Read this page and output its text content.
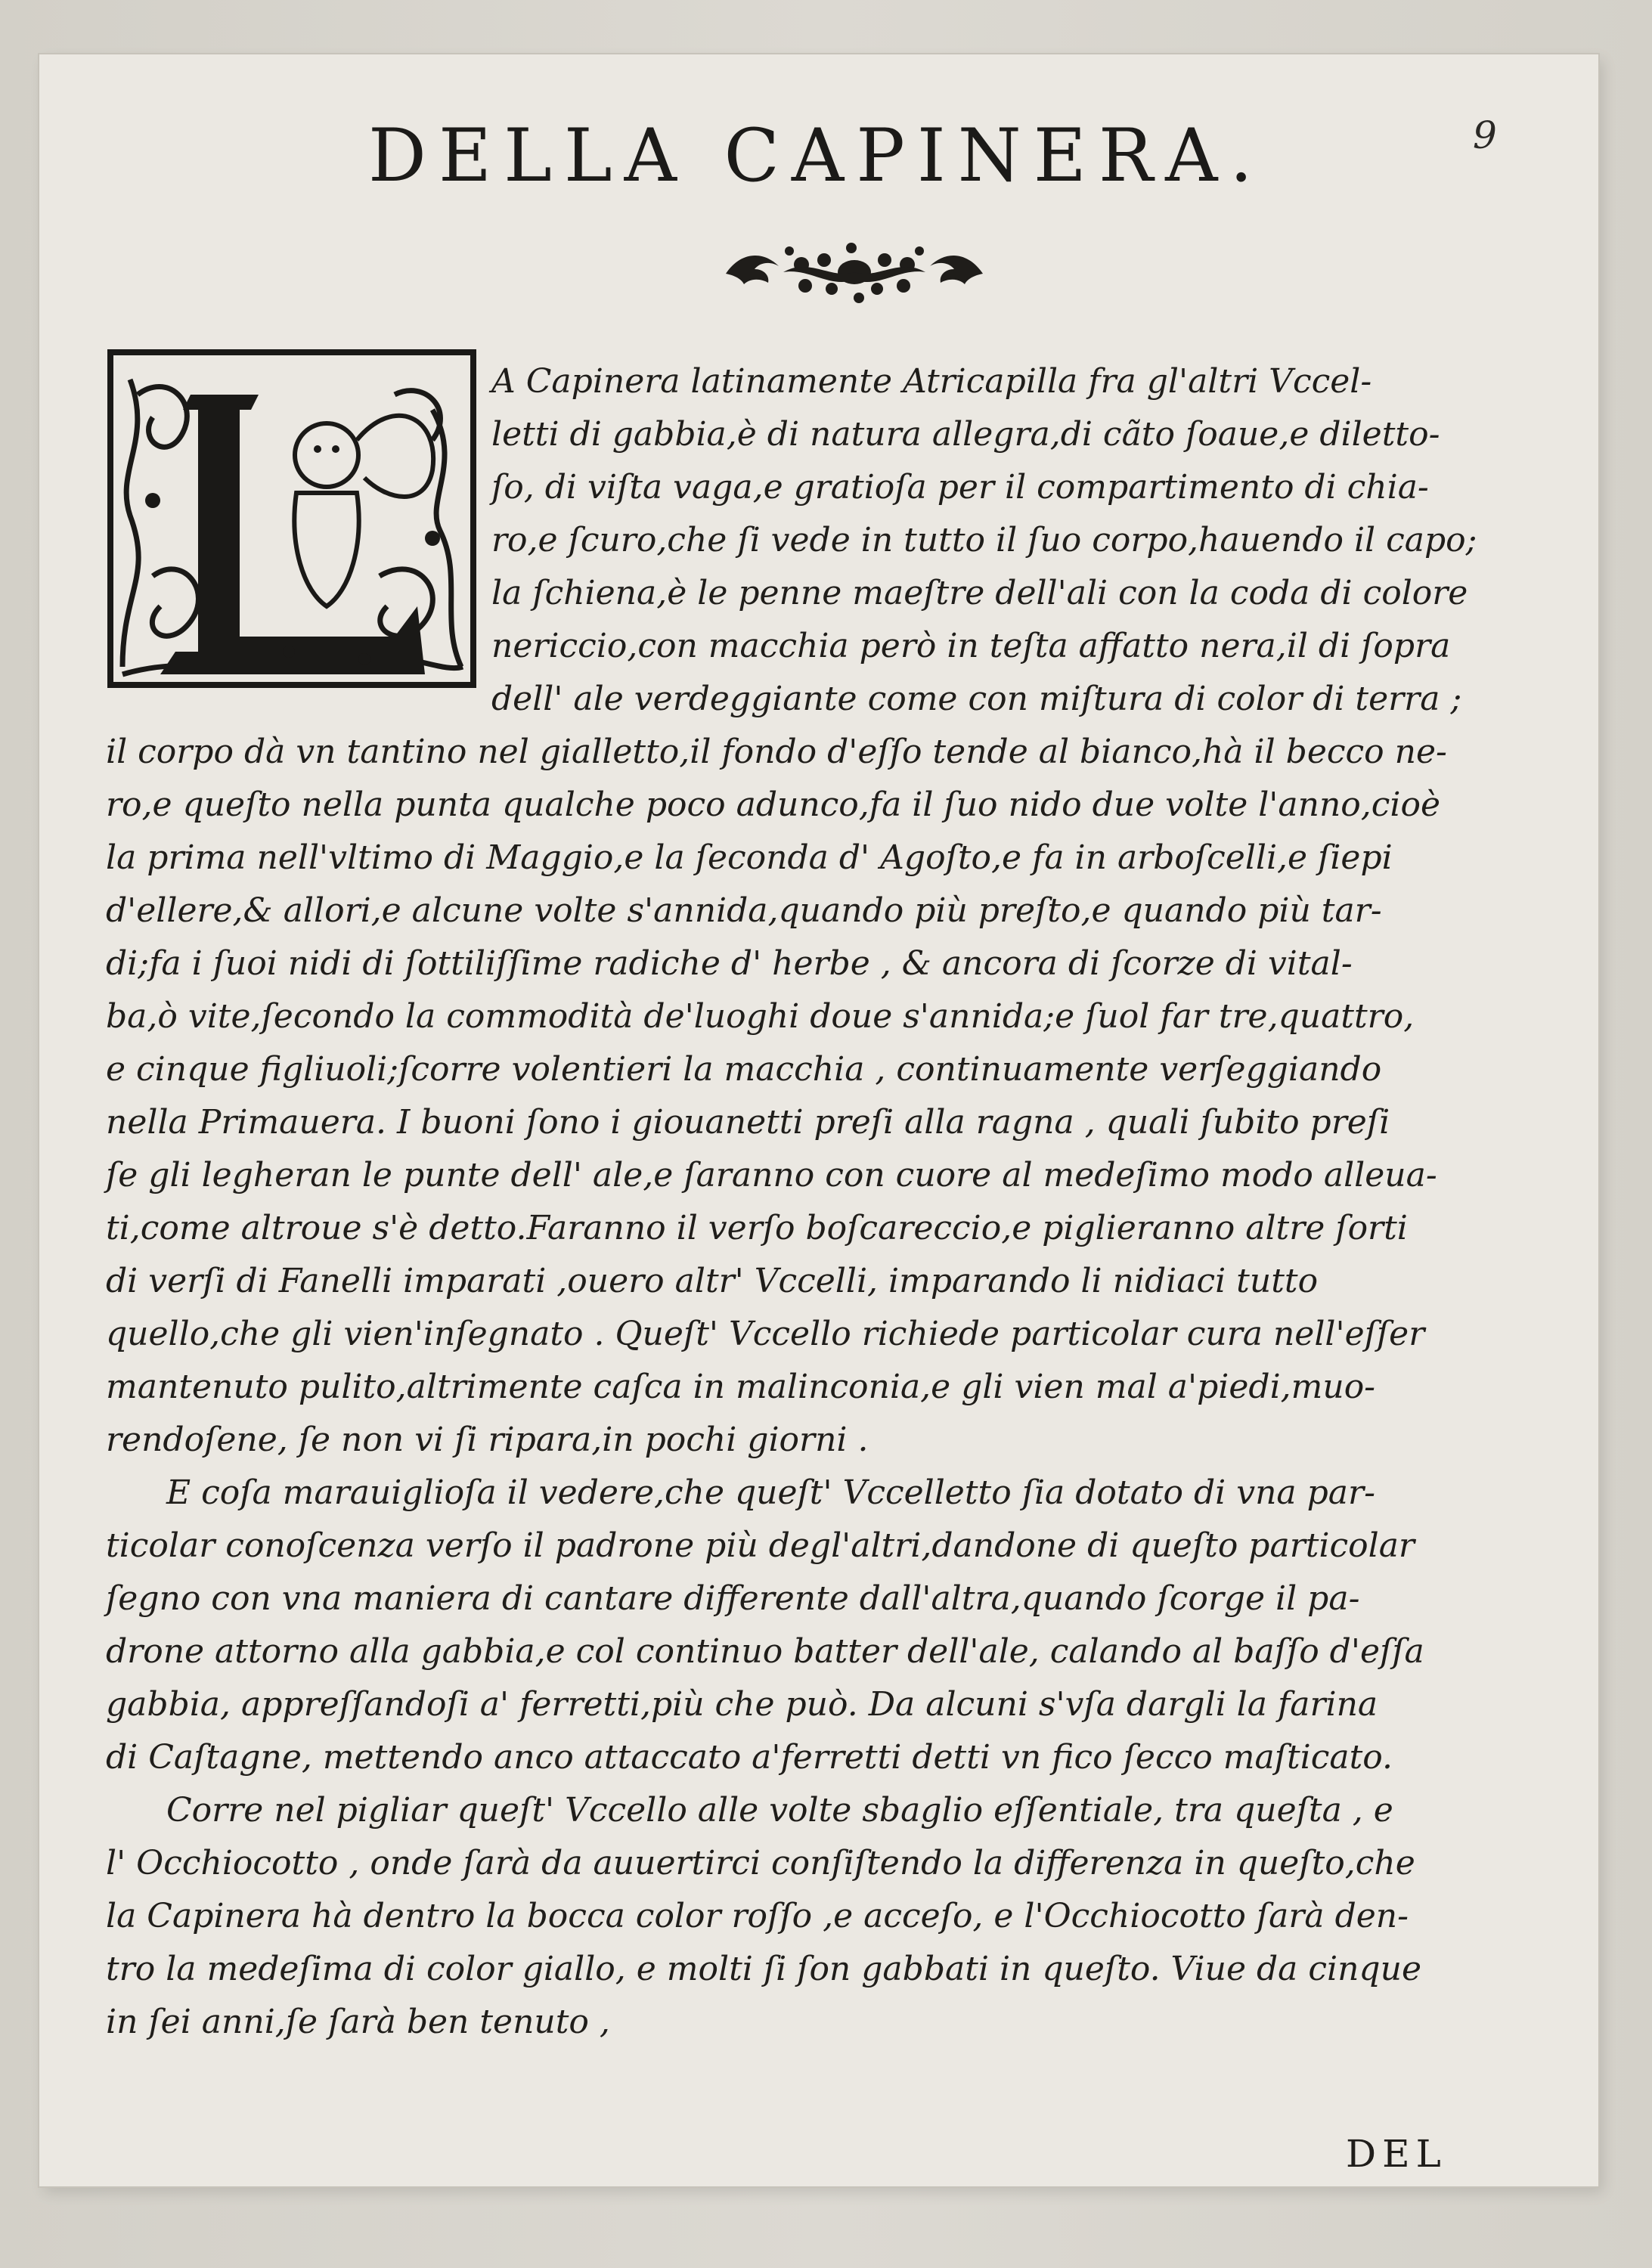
DELLA CAPINERA.	9
A Capinera latinamente Atricapilla fra gl'altri Vccel-
letti di gabbia,è di natura allegra,di cãto ſoaue,e diletto-
ſo, di viſta vaga,e gratioſa per il compartimento di chia-
ro,e ſcuro,che ſi vede in tutto il ſuo corpo,hauendo il capo;
la ſchiena,è le penne maeſtre dell'ali con la coda di colore
nericcio,con macchia però in teſta affatto nera,il di ſopra
dell' ale verdeggiante come con miſtura di color di terra ;
il corpo dà vn tantino nel gialletto,il fondo d'eſſo tende al bianco,hà il becco ne-
ro,e queſto nella punta qualche poco adunco,fa il ſuo nido due volte l'anno,cioè
la prima nell'vltimo di Maggio,e la ſeconda d' Agoſto,e fa in arboſcelli,e ſiepi
d'ellere,& allori,e alcune volte s'annida,quando più preſto,e quando più tar-
di;fa i ſuoi nidi di ſottiliſſime radiche d' herbe , & ancora di ſcorze di vital-
ba,ò vite,ſecondo la commodità de'luoghi doue s'annida;e ſuol far tre,quattro,
e cinque figliuoli;ſcorre volentieri la macchia , continuamente verſeggiando
nella Primauera. I buoni ſono i giouanetti preſi alla ragna , quali ſubito preſi
ſe gli legheran le punte dell' ale,e ſaranno con cuore al medeſimo modo alleua-
ti,come altroue s'è detto.Faranno il verſo boſcareccio,e piglieranno altre ſorti
di verſi di Fanelli imparati ,ouero altr' Vccelli, imparando li nidiaci tutto
quello,che gli vien'inſegnato . Queſt' Vccello richiede particolar cura nell'eſſer
mantenuto pulito,altrimente caſca in malinconia,e gli vien mal a'piedi,muo-
rendoſene, ſe non vi ſi ripara,in pochi giorni .
E coſa marauiglioſa il vedere,che queſt' Vccelletto ſia dotato di vna par-
ticolar conoſcenza verſo il padrone più degl'altri,dandone di queſto particolar
ſegno con vna maniera di cantare differente dall'altra,quando ſcorge il pa-
drone attorno alla gabbia,e col continuo batter dell'ale, calando al baſſo d'eſſa
gabbia, appreſſandoſi a' ferretti,più che può. Da alcuni s'vſa dargli la farina
di Caſtagne, mettendo anco attaccato a'ferretti detti vn fico ſecco maſticato.
Corre nel pigliar queſt' Vccello alle volte sbaglio eſſentiale, tra queſta , e
l' Occhiocotto , onde ſarà da auuertirci conſiſtendo la differenza in queſto,che
la Capinera hà dentro la bocca color roſſo ,e acceſo, e l'Occhiocotto ſarà den-
tro la medeſima di color giallo, e molti ſi ſon gabbati in queſto. Viue da cinque
in ſei anni,ſe ſarà ben tenuto ,
DEL
